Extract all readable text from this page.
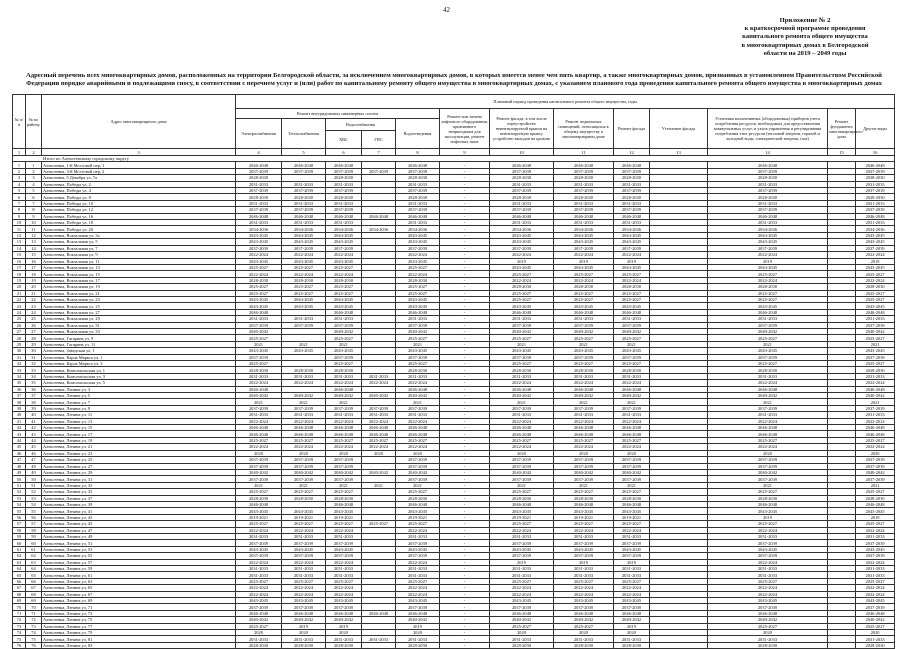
42
Приложение № 2
к краткосрочной программе проведения
капитального ремонта общего имущества
в многоквартирных домах в Белгородской
области на 2019 – 2049 годы
Адресный перечень всех многоквартирных домов, расположенных на территории Белгородской области, за исключением многоквартирных домов, в которых имеется менее чем пять квартир, а также многоквартирных домов, признанных в установленном Правительством Российской
Федерации порядке аварийными и подлежащими сносу, в соответствии с перечнем услуг и (или) работ по капитальному ремонту общего имущества в многоквартирных домах, с указанием планового года проведения капитального ремонта общего имущества в многоквартирных домах
№ п/п	№ по району	Адрес многоквартирного дома	Плановый период проведения капитального ремонта общего имущества, годы												
			Ремонт внутридомовых инженерных систем					Ремонт или замена лифтового оборудования, признанного непригодным для эксплуатации, ремонт лифтовых шахт	Ремонт фасада, в том числе переустройство невентилируемой крыши на вентилируемую крышу, устройство выходов на кровлю	Ремонт подвальных помещений, относящихся к общему имуществу в многоквартирном доме	Ремонт фасада	Утепление фасада	Установка коллективных (общедомовых) приборов учета потребления ресурсов, необходимых для предоставления коммунальных услуг, и узлов управления и регулирования потребления этих ресурсов (тепловой энергии, горячей и холодной воды, электрической энергии, газа)	Ремонт фундамента многоквартирного дома	Другие виды
			Электроснабжения	Теплоснабжения	Водоснабжения		Водоотведения								
					ХВС	ГВС									
1	2	3	4	5	6	7	8	9	10	11	12	13	14	15	16
Итого по Алексеевскому городскому округу															
1	1	Алексеевка, 1-й Мостовой пер, 1	2046-2048	2046-2048	2046-2048		2046-2048	-	2046-2048	2046-2048	2046-2048		2046-2048		2046-2048
2	2	Алексеевка, 3-й Мостовой пер, 2	2037-2039	2037-2039	2037-2039	2037-2039	2037-2039	-	2037-2039	2037-2039	2037-2039		2037-2039		2037-2039
3	3	Алексеевка, 5 Декабря ул, 7а	2028-2030		2028-2030		2028-2030	-	2028-2030	2028-2030	2028-2030		2028-2030		2028-2030
4	4	Алексеевка, Победы ул, 2	2031-2033	2031-2033	2031-2033		2031-2033	-	2031-2033	2031-2033	2031-2033		2031-2033		2031-2033
5	5	Алексеевка, Победы ул, 4	2037-2039	2037-2039	2037-2039		2037-2039	-	2037-2039	2037-2039	2037-2039		2037-2039		2037-2039
6	6	Алексеевка, Победы ул, 8	2028-2030	2028-2030	2028-2030		2028-2030	-	2028-2030	2028-2030	2028-2030		2028-2030		2028-2030
7	7	Алексеевка, Победы ул, 10	2031-2033	2031-2033	2031-2033		2031-2033	-	2031-2033	2031-2033	2031-2033		2031-2033		2031-2033
8	8	Алексеевка, Победы ул, 12	2037-2039	2037-2039	2037-2039		2037-2039	-	2037-2039	2037-2039	2037-2039		2037-2039		2037-2039
9	9	Алексеевка, Победы ул, 16	2046-2048	2046-2048	2046-2048	2046-2048	2046-2048	-	2046-2048	2046-2048	2046-2048		2046-2048		2046-2048
10	10	Алексеевка, Победы ул, 18	2031-2033	2031-2033	2031-2033		2031-2033	-	2031-2033	2031-2033	2031-2033		2031-2033		2031-2033
11	11	Алексеевка, Победы ул, 20	2034-2036	2034-2036	2034-2036	2034-2036	2034-2036	-	2034-2036	2034-2036	2034-2036		2034-2036		2034-2036
12	12	Алексеевка, Вокзальная ул, 3а	2043-2045	2043-2045	2043-2045		2043-2045	-	2043-2045	2043-2045	2043-2045		2043-2045		2043-2045
13	13	Алексеевка, Вокзальная ул, 5	2043-2045	2043-2045	2043-2045		2043-2045	-	2043-2045	2043-2045	2043-2045		2043-2045		2043-2045
14	14	Алексеевка, Вокзальная ул, 7	2037-2039	2037-2039	2037-2039		2037-2039	-	2037-2039	2037-2039	2037-2039		2037-2039		2037-2039
15	15	Алексеевка, Вокзальная ул, 9	2022-2024	2022-2024	2022-2024		2022-2024	-	2022-2024	2022-2024	2022-2024		2022-2024		2022-2024
16	16	Алексеевка, Вокзальная ул, 11	2043-2045	2043-2045	2043-2045		2043-2045	-	2019	2019	2019		2019		2019
17	17	Алексеевка, Вокзальная ул, 13	2025-2027	2025-2027	2025-2027		2025-2027	-	2043-2045	2043-2045	2043-2045		2043-2045		2043-2045
18	18	Алексеевка, Вокзальная ул, 15	2022-2024	2022-2024	2022-2024		2022-2024	-	2025-2027	2025-2027	2025-2027		2025-2027		2025-2027
19	19	Алексеевка, Вокзальная ул, 17	2028-2030	2028-2030	2028-2030		2028-2030	-	2022-2024	2022-2024	2022-2024		2022-2024		2022-2024
20	20	Алексеевка, Вокзальная ул, 19	2025-2027	2025-2027	2025-2027		2025-2027	-	2028-2030	2028-2030	2028-2030		2028-2030		2028-2030
21	21	Алексеевка, Вокзальная ул, 21	2025-2027	2025-2027	2025-2027		2025-2027	-	2025-2027	2025-2027	2025-2027		2025-2027		2025-2027
22	22	Алексеевка, Вокзальная ул, 23	2043-2045	2043-2045	2043-2045		2043-2045	-	2025-2027	2025-2027	2025-2027		2025-2027		2025-2027
23	23	Алексеевка, Вокзальная ул, 25	2043-2045	2043-2045	2043-2045		2043-2045	-	2043-2045	2043-2045	2043-2045		2043-2045		2043-2045
24	24	Алексеевка, Вокзальная ул, 27	2046-2048		2046-2048		2046-2048	-	2046-2048	2046-2048	2046-2048		2046-2048		2046-2048
25	25	Алексеевка, Вокзальная ул, 29	2031-2033	2031-2033	2031-2033		2031-2033	-	2031-2033	2031-2033	2031-2033		2031-2033		2031-2033
26	26	Алексеевка, Вокзальная ул, 31	2037-2039	2037-2039	2037-2039		2037-2039	-	2037-2039	2037-2039	2037-2039		2037-2039		2037-2039
27	27	Алексеевка, Вокзальная ул, 33	2040-2042		2040-2042		2040-2042	-	2040-2042	2040-2042	2040-2042		2040-2042		2040-2042
28	28	Алексеевка, Гагарина ул, 9	2025-2027		2025-2027		2025-2027	-	2025-2027	2025-2027	2025-2027		2025-2027		2025-2027
29	29	Алексеевка, Гагарина ул, 11	2021	2021	2021		2021	-	2021	2021	2021		2021		2021
30	30	Алексеевка, Заводская ул, 1	2043-2045	2043-2045	2043-2045		2043-2045	-	2043-2045	2043-2045	2043-2045		2043-2045		2043-2045
31	31	Алексеевка, Карла Маркса ул, 1	2037-2039		2037-2039		2037-2039	-	2037-2039	2037-2039	2037-2039		2037-2039		2037-2039
32	32	Алексеевка, Карла Маркса ул, 3	2025-2027		2025-2027		2025-2027	-	2025-2027	2025-2027	2025-2027		2025-2027		2025-2027
33	33	Алексеевка, Комсомольская ул, 1	2028-2030	2028-2030	2028-2030		2028-2030	-	2028-2030	2028-2030	2028-2030		2028-2030		2028-2030
34	34	Алексеевка, Комсомольская ул, 3	2031-2033	2031-2033	2031-2033	2031-2033	2031-2033	-	2031-2033	2031-2033	2031-2033		2031-2033		2031-2033
35	35	Алексеевка, Комсомольская ул, 5	2022-2024	2022-2024	2022-2024	2022-2024	2022-2024	-	2022-2024	2022-2024	2022-2024		2022-2024		2022-2024
36	36	Алексеевка, Ленина ул, 3	2046-2048		2046-2048		2046-2048	-	2046-2048	2046-2048	2046-2048		2046-2048		2046-2048
37	37	Алексеевка, Ленина ул, 5	2040-2042	2040-2042	2040-2042	2040-2042	2040-2042	-	2040-2042	2040-2042	2040-2042		2040-2042		2040-2042
38	38	Алексеевка, Ленина ул, 7	2021	2021	2021		2021	-	2021	2021	2021		2021		2021
39	39	Алексеевка, Ленина ул, 9	2037-2039	2037-2039	2037-2039	2037-2039	2037-2039	-	2037-2039	2037-2039	2037-2039		2037-2039		2037-2039
40	40	Алексеевка, Ленина ул, 11	2031-2033	2031-2033	2031-2033	2031-2033	2031-2033	-	2031-2033	2031-2033	2031-2033		2031-2033		2031-2033
41	41	Алексеевка, Ленина ул, 13	2022-2024	2022-2024	2022-2024	2022-2024	2022-2024	-	2022-2024	2022-2024	2022-2024		2022-2024		2022-2024
42	42	Алексеевка, Ленина ул, 15	2046-2048	2046-2048	2046-2048	2046-2048	2046-2048	-	2046-2048	2046-2048	2046-2048		2046-2048		2046-2048
43	43	Алексеевка, Ленина ул, 17	2046-2048	2046-2048	2046-2048	2046-2048	2046-2048	-	2046-2048	2046-2048	2046-2048		2046-2048		2046-2048
44	44	Алексеевка, Ленина ул, 19	2025-2027	2025-2027	2025-2027	2025-2027	2025-2027	-	2025-2027	2025-2027	2025-2027		2025-2027		2025-2027
45	45	Алексеевка, Ленина ул, 21	2022-2024	2022-2024	2022-2024	2022-2024	2022-2024	-	2022-2024	2022-2024	2022-2024		2022-2024		2022-2024
46	46	Алексеевка, Ленина ул, 23	2020	2020	2020	2020	2020	-	2020	2020	2020		2020		2020
47	47	Алексеевка, Ленина ул, 25	2037-2039	2037-2039	2037-2039		2037-2039	-	2037-2039	2037-2039	2037-2039		2037-2039		2037-2039
48	48	Алексеевка, Ленина ул, 27	2037-2039	2037-2039	2037-2039		2037-2039	-	2037-2039	2037-2039	2037-2039		2037-2039		2037-2039
49	49	Алексеевка, Ленина ул, 29	2040-2042	2040-2042	2040-2042	2040-2042	2040-2042	-	2040-2042	2040-2042	2040-2042		2040-2042		2040-2042
50	50	Алексеевка, Ленина ул, 31	2037-2039	2037-2039	2037-2039		2037-2039	-	2037-2039	2037-2039	2037-2039		2037-2039		2037-2039
51	51	Алексеевка, Ленина ул, 33	2021	2021	2021	2021	2021	-	2021	2021	2021		2021		2021
52	52	Алексеевка, Ленина ул, 35	2025-2027	2025-2027	2025-2027		2025-2027	-	2025-2027	2025-2027	2025-2027		2025-2027		2025-2027
53	53	Алексеевка, Ленина ул, 37	2028-2030	2028-2030	2028-2030		2028-2030	-	2028-2030	2028-2030	2028-2030		2028-2030		2028-2030
54	54	Алексеевка, Ленина ул, 39	2046-2048		2046-2048		2046-2048	-	2046-2048	2046-2048	2046-2048		2046-2048		2046-2048
55	55	Алексеевка, Ленина ул, 41	2043-2045	2043-2045	2043-2045		2043-2045	-	2043-2045	2043-2045	2043-2045		2043-2045		2043-2045
56	56	Алексеевка, Ленина ул, 43	2019-2021	2019-2021	2019-2021		2019-2021	-	2019-2021	2019-2021	2019-2021		2019		2019
57	57	Алексеевка, Ленина ул, 45	2025-2027	2025-2027	2025-2027	2025-2027	2025-2027	-	2025-2027	2025-2027	2025-2027		2025-2027		2025-2027
58	58	Алексеевка, Ленина ул, 47	2022-2024	2022-2024	2022-2024		2022-2024	-	2022-2024	2022-2024	2022-2024		2022-2024		2022-2024
59	59	Алексеевка, Ленина ул, 49	2031-2033	2031-2033	2031-2033		2031-2033	-	2031-2033	2031-2033	2031-2033		2031-2033		2031-2033
60	60	Алексеевка, Ленина ул, 51	2037-2039	2037-2039	2037-2039		2037-2039	-	2037-2039	2037-2039	2037-2039		2037-2039		2037-2039
61	61	Алексеевка, Ленина ул, 53	2043-2045	2043-2045	2043-2045		2043-2045	-	2043-2045	2043-2045	2043-2045		2043-2045		2043-2045
62	62	Алексеевка, Ленина ул, 55	2037-2039	2037-2039	2037-2039		2037-2039	-	2037-2039	2037-2039	2037-2039		2037-2039		2037-2039
63	63	Алексеевка, Ленина ул, 57	2022-2024	2022-2024	2022-2024		2022-2024	-	2019	2019	2019		2022-2024		2022-2024
64	64	Алексеевка, Ленина ул, 59	2031-2033	2031-2033	2031-2033		2031-2033	-	2031-2033	2031-2033	2031-2033		2031-2033		2031-2033
65	65	Алексеевка, Ленина ул, 61	2031-2033	2031-2033	2031-2033		2031-2033	-	2031-2033	2031-2033	2031-2033		2031-2033		2031-2033
66	66	Алексеевка, Ленина ул, 63	2025-2027	2025-2027	2025-2027		2025-2027	-	2025-2027	2025-2027	2025-2027		2025-2027		2025-2027
67	67	Алексеевка, Ленина ул, 65	2022-2024	2022-2024	2022-2024		2022-2024	-	2022-2024	2022-2024	2022-2024		2022-2024		2022-2024
68	68	Алексеевка, Ленина ул, 67	2022-2024	2022-2024	2022-2024		2022-2024	-	2022-2024	2022-2024	2022-2024		2022-2024		2022-2024
69	69	Алексеевка, Ленина ул, 69	2043-2045	2043-2045	2043-2045		2043-2045	-	2043-2045	2043-2045	2043-2045		2043-2045		2043-2045
70	70	Алексеевка, Ленина ул, 71	2037-2039	2037-2039	2037-2039		2037-2039	-	2037-2039	2037-2039	2037-2039		2037-2039		2037-2039
71	71	Алексеевка, Ленина ул, 73	2046-2048	2046-2048	2046-2048	2046-2048	2046-2048	-	2046-2048	2046-2048	2046-2048		2046-2048		2046-2048
72	72	Алексеевка, Ленина ул, 75	2040-2042	2040-2042	2040-2042		2040-2042	-	2040-2042	2040-2042	2040-2042		2040-2042		2040-2042
73	73	Алексеевка, Ленина ул, 77	2025-2027	2019	2019		2019	-	2025-2027	2025-2027	2019		2025-2027		2025-2027
74	74	Алексеевка, Ленина ул, 79	2020	2020	2020		2020	-	2020	2020	2020		2020		2020
75	75	Алексеевка, Ленина ул, 81	2031-2033	2031-2033	2031-2033	2031-2033	2031-2033	-	2031-2033	2031-2033	2031-2033		2031-2033		2031-2033
76	76	Алексеевка, Ленина ул, 83	2028-2030	2028-2030	2028-2030		2028-2030	-	2028-2030	2028-2030	2028-2030		2028-2030		2028-2030
